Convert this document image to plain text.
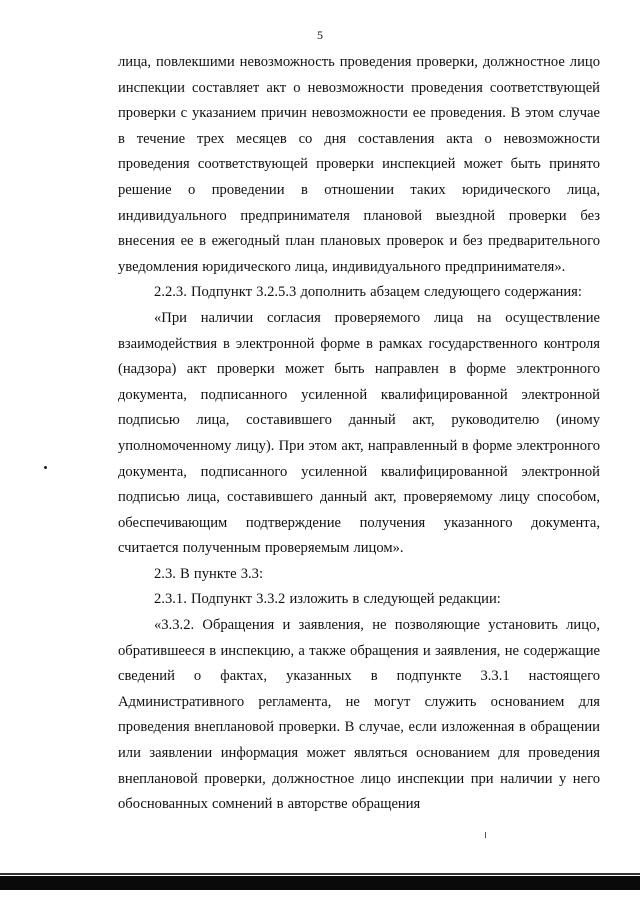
5

лица, повлекшими невозможность проведения проверки, должностное лицо инспекции составляет акт о невозможности проведения соответствующей проверки с указанием причин невозможности ее проведения. В этом случае в течение трех месяцев со дня составления акта о невозможности проведения соответствующей проверки инспекцией может быть принято решение о проведении в отношении таких юридического лица, индивидуального предпринимателя плановой выездной проверки без внесения ее в ежегодный план плановых проверок и без предварительного уведомления юридического лица, индивидуального предпринимателя».

2.2.3. Подпункт 3.2.5.3 дополнить абзацем следующего содержания:

«При наличии согласия проверяемого лица на осуществление взаимодействия в электронной форме в рамках государственного контроля (надзора) акт проверки может быть направлен в форме электронного документа, подписанного усиленной квалифицированной электронной подписью лица, составившего данный акт, руководителю (иному уполномоченному лицу). При этом акт, направленный в форме электронного документа, подписанного усиленной квалифицированной электронной подписью лица, составившего данный акт, проверяемому лицу способом, обеспечивающим подтверждение получения указанного документа, считается полученным проверяемым лицом».

2.3. В пункте 3.3:

2.3.1. Подпункт 3.3.2 изложить в следующей редакции:

«3.3.2. Обращения и заявления, не позволяющие установить лицо, обратившееся в инспекцию, а также обращения и заявления, не содержащие сведений о фактах, указанных в подпункте 3.3.1 настоящего Административного регламента, не могут служить основанием для проведения внеплановой проверки. В случае, если изложенная в обращении или заявлении информация может являться основанием для проведения внеплановой проверки, должностное лицо инспекции при наличии у него обоснованных сомнений в авторстве обращения
